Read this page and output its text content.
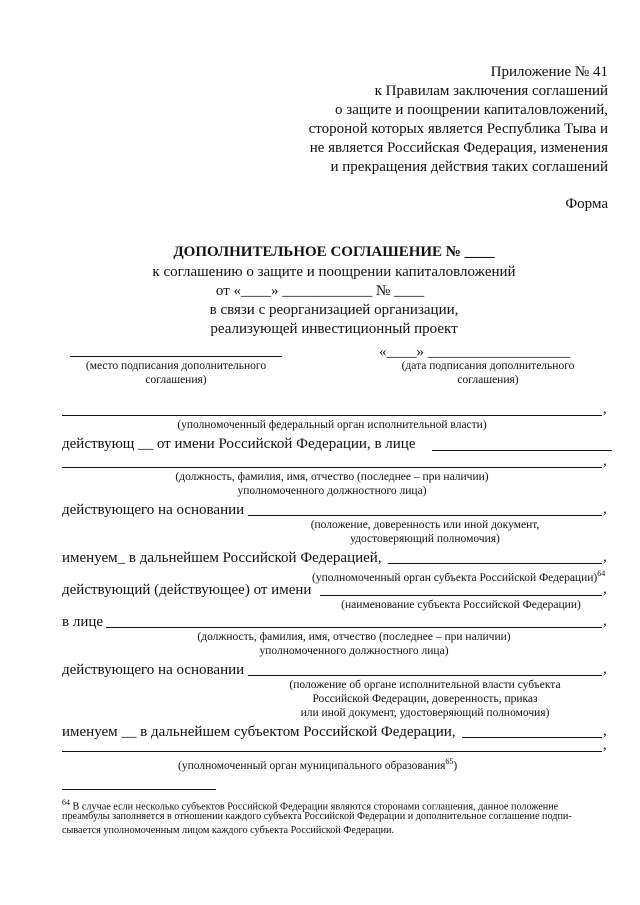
Приложение № 41
к Правилам заключения соглашений
о защите и поощрении капиталовложений,
стороной которых является Республика Тыва и
не является Российская Федерация, изменения
и прекращения действия таких соглашений
Форма
ДОПОЛНИТЕЛЬНОЕ СОГЛАШЕНИЕ № ____
к соглашению о защите и поощрении капиталовложений
от «____» ____________ № ____
в связи с реорганизацией организации,
реализующей инвестиционный проект
«____» ___________________
(место подписания дополнительного
соглашения)
(дата подписания дополнительного
соглашения)
,
(уполномоченный федеральный орган исполнительной власти)
действующ __ от имени Российской Федерации, в лице
,
(должность, фамилия, имя, отчество (последнее – при наличии)
уполномоченного должностного лица)
действующего на основании	,
(положение, доверенность или иной документ,
удостоверяющий полномочия)
именуем_ в дальнейшем Российской Федерацией,	,
(уполномоченный орган субъекта Российской Федерации)$^{64}$
действующий (действующее) от имени	,
(наименование субъекта Российской Федерации)
в лице	,
(должность, фамилия, имя, отчество (последнее – при наличии)
уполномоченного должностного лица)
действующего на основании	,
(положение об органе исполнительной власти субъекта
Российской Федерации, доверенность, приказ
или иной документ, удостоверяющий полномочия)
именуем __ в дальнейшем субъектом Российской Федерации,	,
,
(уполномоченный орган муниципального образования$^{65}$)
$^{64}$ В случае если несколько субъектов Российской Федерации являются сторонами соглашения, данное положение
преамбулы заполняется в отношении каждого субъекта Российской Федерации и дополнительное соглашение подпи-
сывается уполномоченным лицом каждого субъекта Российской Федерации.
